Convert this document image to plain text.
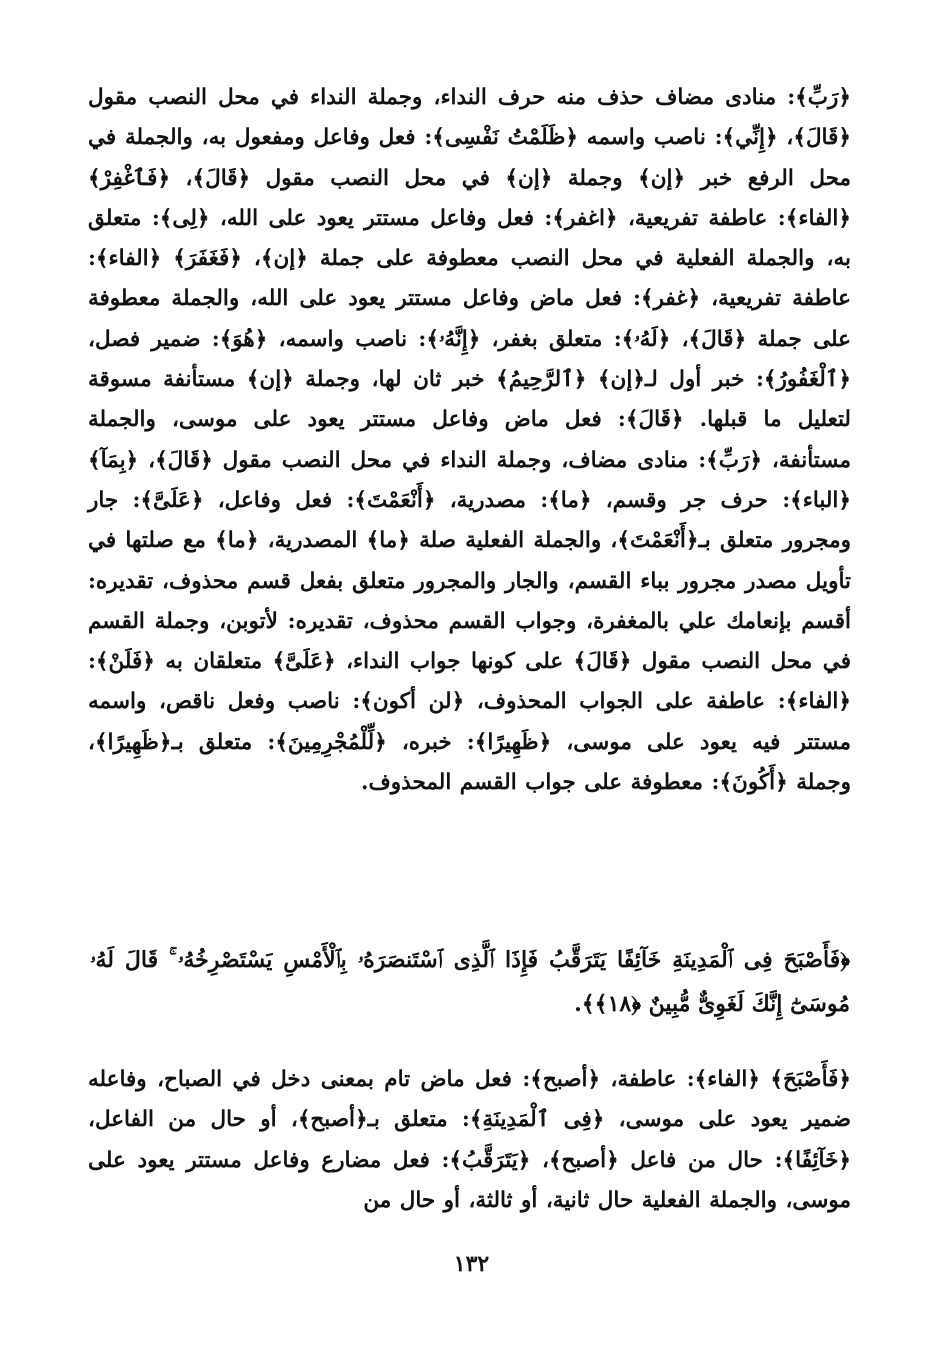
﴿رَبِّ﴾: منادى مضاف حذف منه حرف النداء، وجملة النداء في محل النصب مقول ﴿قَالَ﴾، ﴿إِنِّي﴾: ناصب واسمه ﴿ظَلَمْتُ نَفْسِى﴾: فعل وفاعل ومفعول به، والجملة في محل الرفع خبر ﴿إن﴾ وجملة ﴿إن﴾ في محل النصب مقول ﴿قَالَ﴾، ﴿فَٱغْفِرْ﴾ ﴿الفاء﴾: عاطفة تفريعية، ﴿اغفر﴾: فعل وفاعل مستتر يعود على الله، ﴿لِى﴾: متعلق به، والجملة الفعلية في محل النصب معطوفة على جملة ﴿إن﴾، ﴿فَغَفَرَ﴾ ﴿الفاء﴾: عاطفة تفريعية، ﴿غفر﴾: فعل ماض وفاعل مستتر يعود على الله، والجملة معطوفة على جملة ﴿قَالَ﴾، ﴿لَهُۥ﴾: متعلق بغفر، ﴿إِنَّهُۥ﴾: ناصب واسمه، ﴿هُوَ﴾: ضمير فصل، ﴿ٱلْغَفُورُ﴾: خبر أول لـ﴿إن﴾ ﴿ٱلرَّحِيمُ﴾ خبر ثان لها، وجملة ﴿إن﴾ مستأنفة مسوقة لتعليل ما قبلها. ﴿قَالَ﴾: فعل ماض وفاعل مستتر يعود على موسى، والجملة مستأنفة، ﴿رَبِّ﴾: منادى مضاف، وجملة النداء في محل النصب مقول ﴿قَالَ﴾، ﴿بِمَآ﴾ ﴿الباء﴾: حرف جر وقسم، ﴿ما﴾: مصدرية، ﴿أَنْعَمْتَ﴾: فعل وفاعل، ﴿عَلَىَّ﴾: جار ومجرور متعلق بـ﴿أَنْعَمْتَ﴾، والجملة الفعلية صلة ﴿ما﴾ المصدرية، ﴿ما﴾ مع صلتها في تأويل مصدر مجرور بباء القسم، والجار والمجرور متعلق بفعل قسم محذوف، تقديره: أقسم بإنعامك علي بالمغفرة، وجواب القسم محذوف، تقديره: لأتوبن، وجملة القسم في محل النصب مقول ﴿قَالَ﴾ على كونها جواب النداء، ﴿عَلَىَّ﴾ متعلقان به ﴿فَلَنْ﴾: ﴿الفاء﴾: عاطفة على الجواب المحذوف، ﴿لن أكون﴾: ناصب وفعل ناقص، واسمه مستتر فيه يعود على موسى، ﴿ظَهِيرًا﴾: خبره، ﴿لِّلْمُجْرِمِينَ﴾: متعلق بـ﴿ظَهِيرًا﴾، وجملة ﴿أَكُونَ﴾: معطوفة على جواب القسم المحذوف.
﴿فَأَصْبَحَ فِى ٱلْمَدِينَةِ خَآئِفًا يَتَرَقَّبُ فَإِذَا ٱلَّذِى ٱسْتَنصَرَهُۥ بِٱلْأَمْسِ يَسْتَصْرِخُهُۥ ۚ قَالَ لَهُۥ مُوسَىٰٓ إِنَّكَ لَغَوِىٌّ مُّبِينٌ ﴿١٨﴾﴾.
﴿فَأَصْبَحَ﴾ ﴿الفاء﴾: عاطفة، ﴿أصبح﴾: فعل ماض تام بمعنى دخل في الصباح، وفاعله ضمير يعود على موسى، ﴿فِى ٱلْمَدِينَةِ﴾: متعلق بـ﴿أصبح﴾، أو حال من الفاعل، ﴿خَآئِفًا﴾: حال من فاعل ﴿أصبح﴾، ﴿يَتَرَقَّبُ﴾: فعل مضارع وفاعل مستتر يعود على موسى، والجملة الفعلية حال ثانية، أو ثالثة، أو حال من
١٣٢
